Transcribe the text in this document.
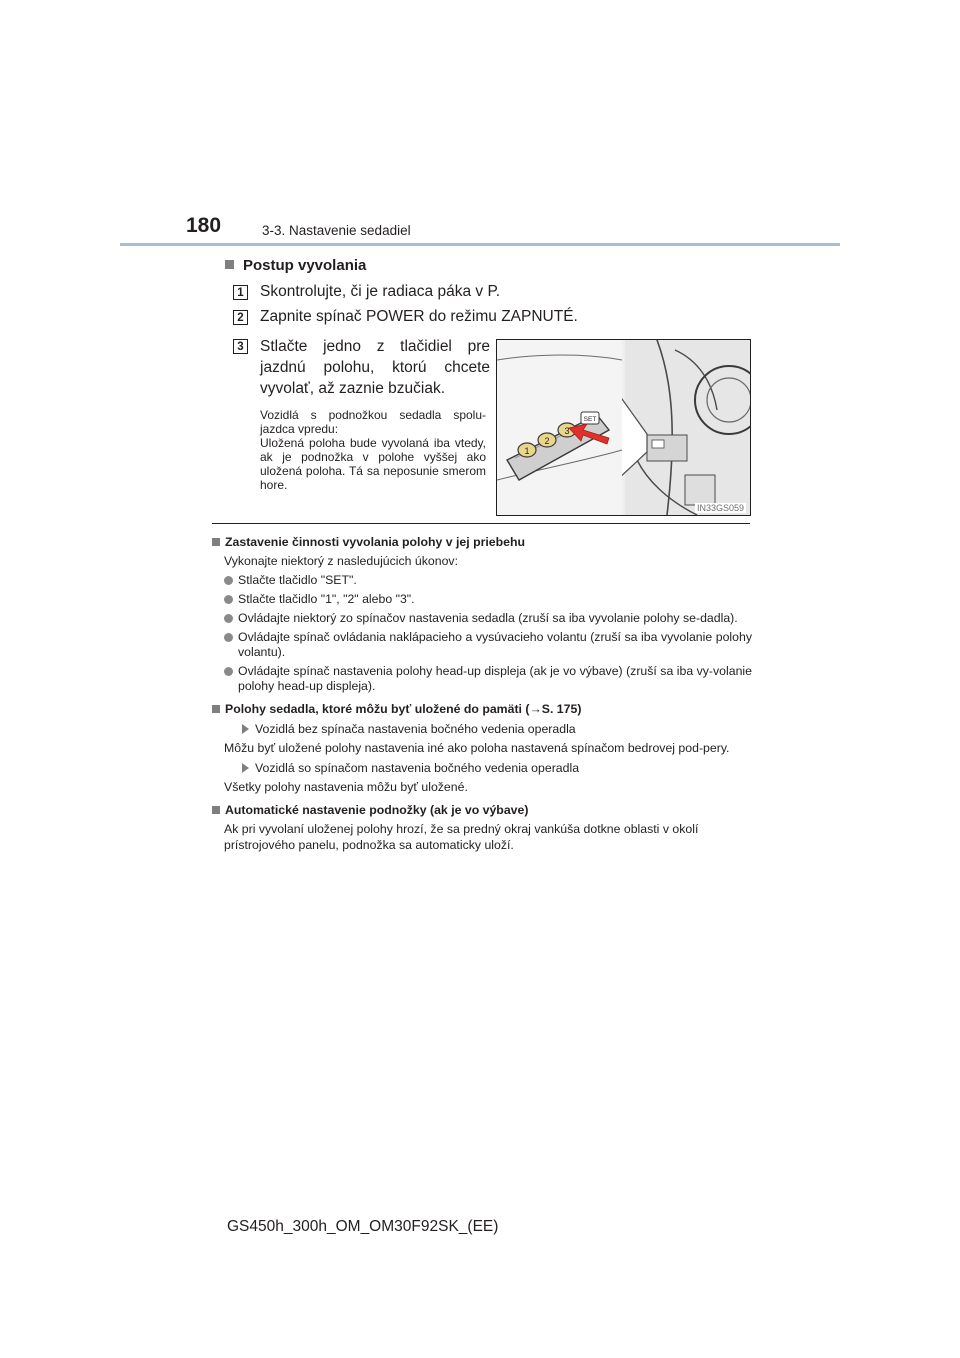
180	3-3. Nastavenie sedadiel
Postup vyvolania
1 Skontrolujte, či je radiaca páka v P.
2 Zapnite spínač POWER do režimu ZAPNUTÉ.
3 Stlačte jedno z tlačidiel pre jazdnú polohu, ktorú chcete vyvolať, až zaznie bzučiak.
Vozidlá s podnožkou sedadla spolu-jazdca vpredu:
Uložená poloha bude vyvolaná iba vtedy, ak je podnožka v polohe vyššej ako uložená poloha. Tá sa neposunie smerom hore.
1
2
3
SET
IN33GS059
Zastavenie činnosti vyvolania polohy v jej priebehu
Vykonajte niektorý z nasledujúcich úkonov:
Stlačte tlačidlo "SET".
Stlačte tlačidlo "1", "2" alebo "3".
Ovládajte niektorý zo spínačov nastavenia sedadla (zruší sa iba vyvolanie polohy se-dadla).
Ovládajte spínač ovládania naklápacieho a vysúvacieho volantu (zruší sa iba vyvolanie polohy volantu).
Ovládajte spínač nastavenia polohy head-up displeja (ak je vo výbave) (zruší sa iba vy-volanie polohy head-up displeja).
Polohy sedadla, ktoré môžu byť uložené do pamäti (→S. 175)
Vozidlá bez spínača nastavenia bočného vedenia operadla
Môžu byť uložené polohy nastavenia iné ako poloha nastavená spínačom bedrovej pod-pery.
Vozidlá so spínačom nastavenia bočného vedenia operadla
Všetky polohy nastavenia môžu byť uložené.
Automatické nastavenie podnožky (ak je vo výbave)
Ak pri vyvolaní uloženej polohy hrozí, že sa predný okraj vankúša dotkne oblasti v okolí prístrojového panelu, podnožka sa automaticky uloží.
GS450h_300h_OM_OM30F92SK_(EE)
